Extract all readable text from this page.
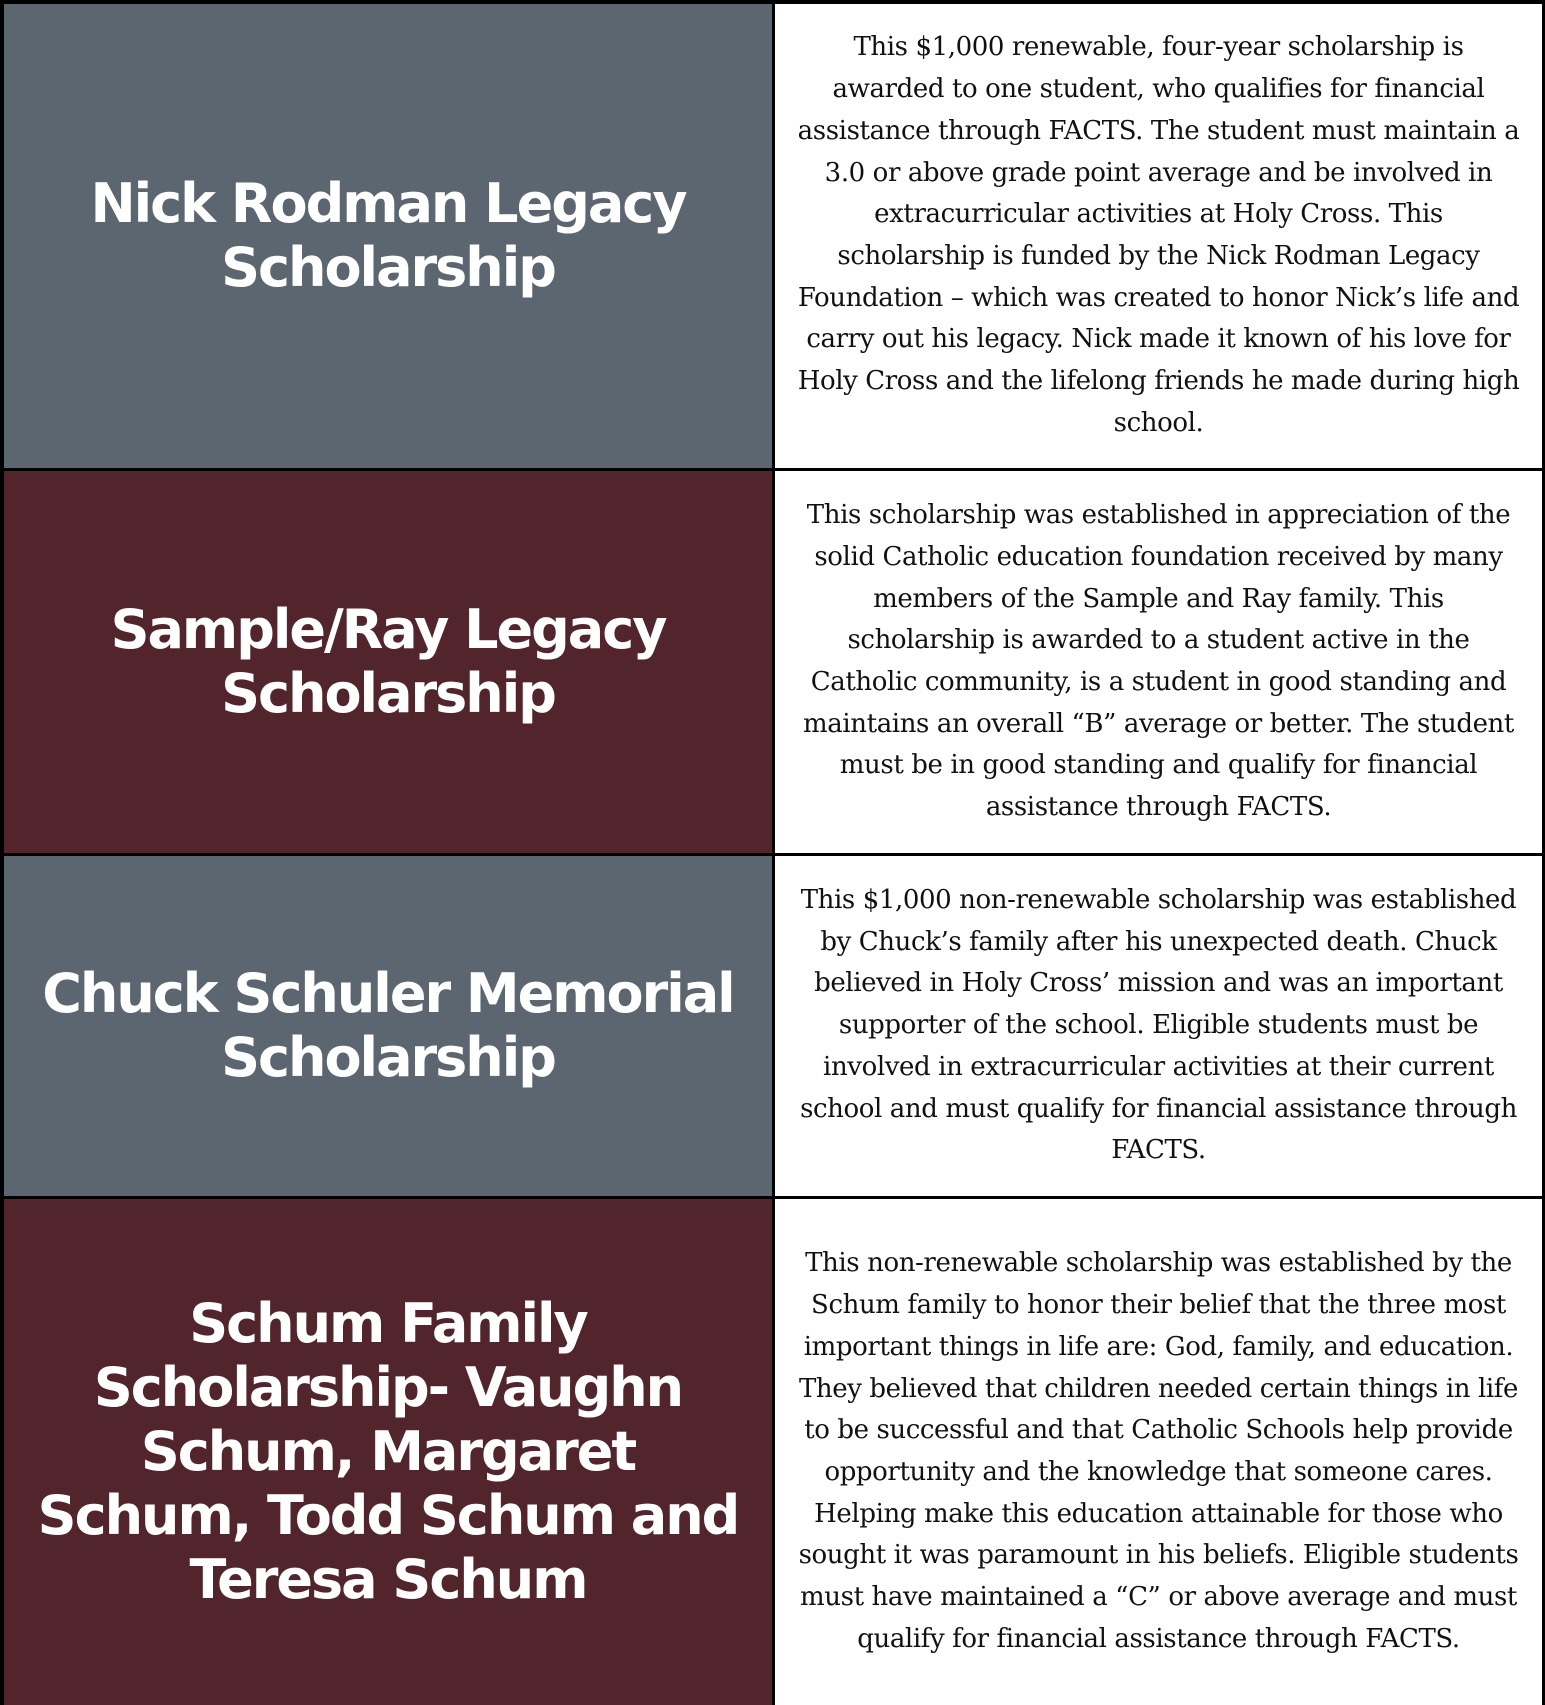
Nick Rodman Legacy Scholarship

This $1,000 renewable, four-year scholarship is awarded to one student, who qualifies for financial assistance through FACTS. The student must maintain a 3.0 or above grade point average and be involved in extracurricular activities at Holy Cross. This scholarship is funded by the Nick Rodman Legacy Foundation – which was created to honor Nick’s life and carry out his legacy. Nick made it known of his love for Holy Cross and the lifelong friends he made during high school.

Sample/Ray Legacy Scholarship

This scholarship was established in appreciation of the solid Catholic education foundation received by many members of the Sample and Ray family. This scholarship is awarded to a student active in the Catholic community, is a student in good standing and maintains an overall “B” average or better. The student must be in good standing and qualify for financial assistance through FACTS.

Chuck Schuler Memorial Scholarship

This $1,000 non-renewable scholarship was established by Chuck’s family after his unexpected death. Chuck believed in Holy Cross’ mission and was an important supporter of the school. Eligible students must be involved in extracurricular activities at their current school and must qualify for financial assistance through FACTS.

Schum Family Scholarship- Vaughn Schum, Margaret Schum, Todd Schum and Teresa Schum

This non-renewable scholarship was established by the Schum family to honor their belief that the three most important things in life are: God, family, and education. They believed that children needed certain things in life to be successful and that Catholic Schools help provide opportunity and the knowledge that someone cares. Helping make this education attainable for those who sought it was paramount in his beliefs. Eligible students must have maintained a “C” or above average and must qualify for financial assistance through FACTS.
